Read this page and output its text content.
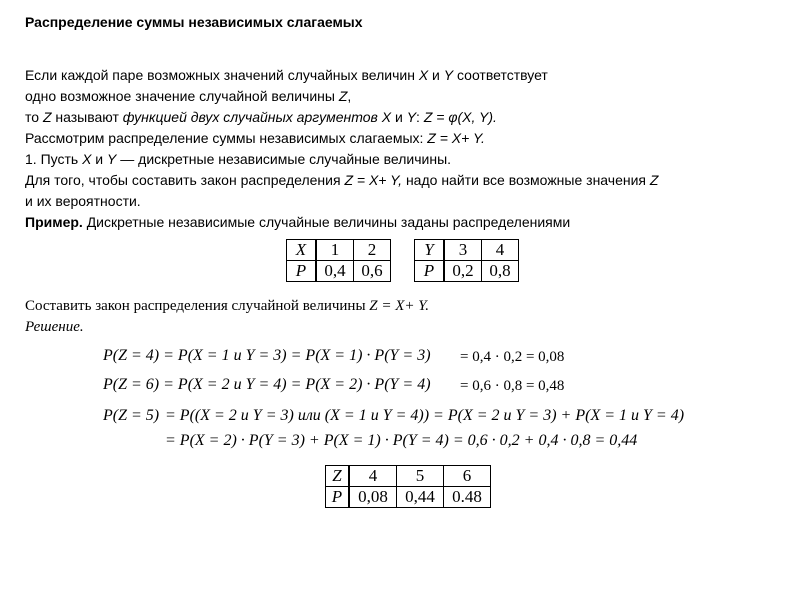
Распределение суммы независимых слагаемых
Если каждой паре возможных значений случайных величин X и Y соответствует
одно возможное значение случайной величины Z,
то Z называют функцией двух случайных аргументов X и Y: Z = φ(X, Y).
Рассмотрим распределение суммы независимых слагаемых: Z = X+ Y.
1. Пусть X и Y — дискретные независимые случайные величины.
Для того, чтобы составить закон распределения Z = X+ Y, надо найти все возможные значения Z
и их вероятности.
Пример. Дискретные независимые случайные величины заданы распределениями
X	1	2
P	0,4	0,6
Y	3	4
P	0,2	0,8
Составить закон распределения случайной величины Z = X+ Y.
Решение.
P(Z = 4) = P(X = 1 и Y = 3) = P(X = 1) · P(Y = 3) = 0,4 · 0,2 = 0,08
P(Z = 6) = P(X = 2 и Y = 4) = P(X = 2) · P(Y = 4) = 0,6 · 0,8 = 0,48
P(Z = 5) = P((X = 2 и Y = 3) или (X = 1 и Y = 4)) = P(X = 2 и Y = 3) + P(X = 1 и Y = 4)
= P(X = 2) · P(Y = 3) + P(X = 1) · P(Y = 4) = 0,6 · 0,2 + 0,4 · 0,8 = 0,44
Z	4	5	6
P	0,08	0,44	0.48
